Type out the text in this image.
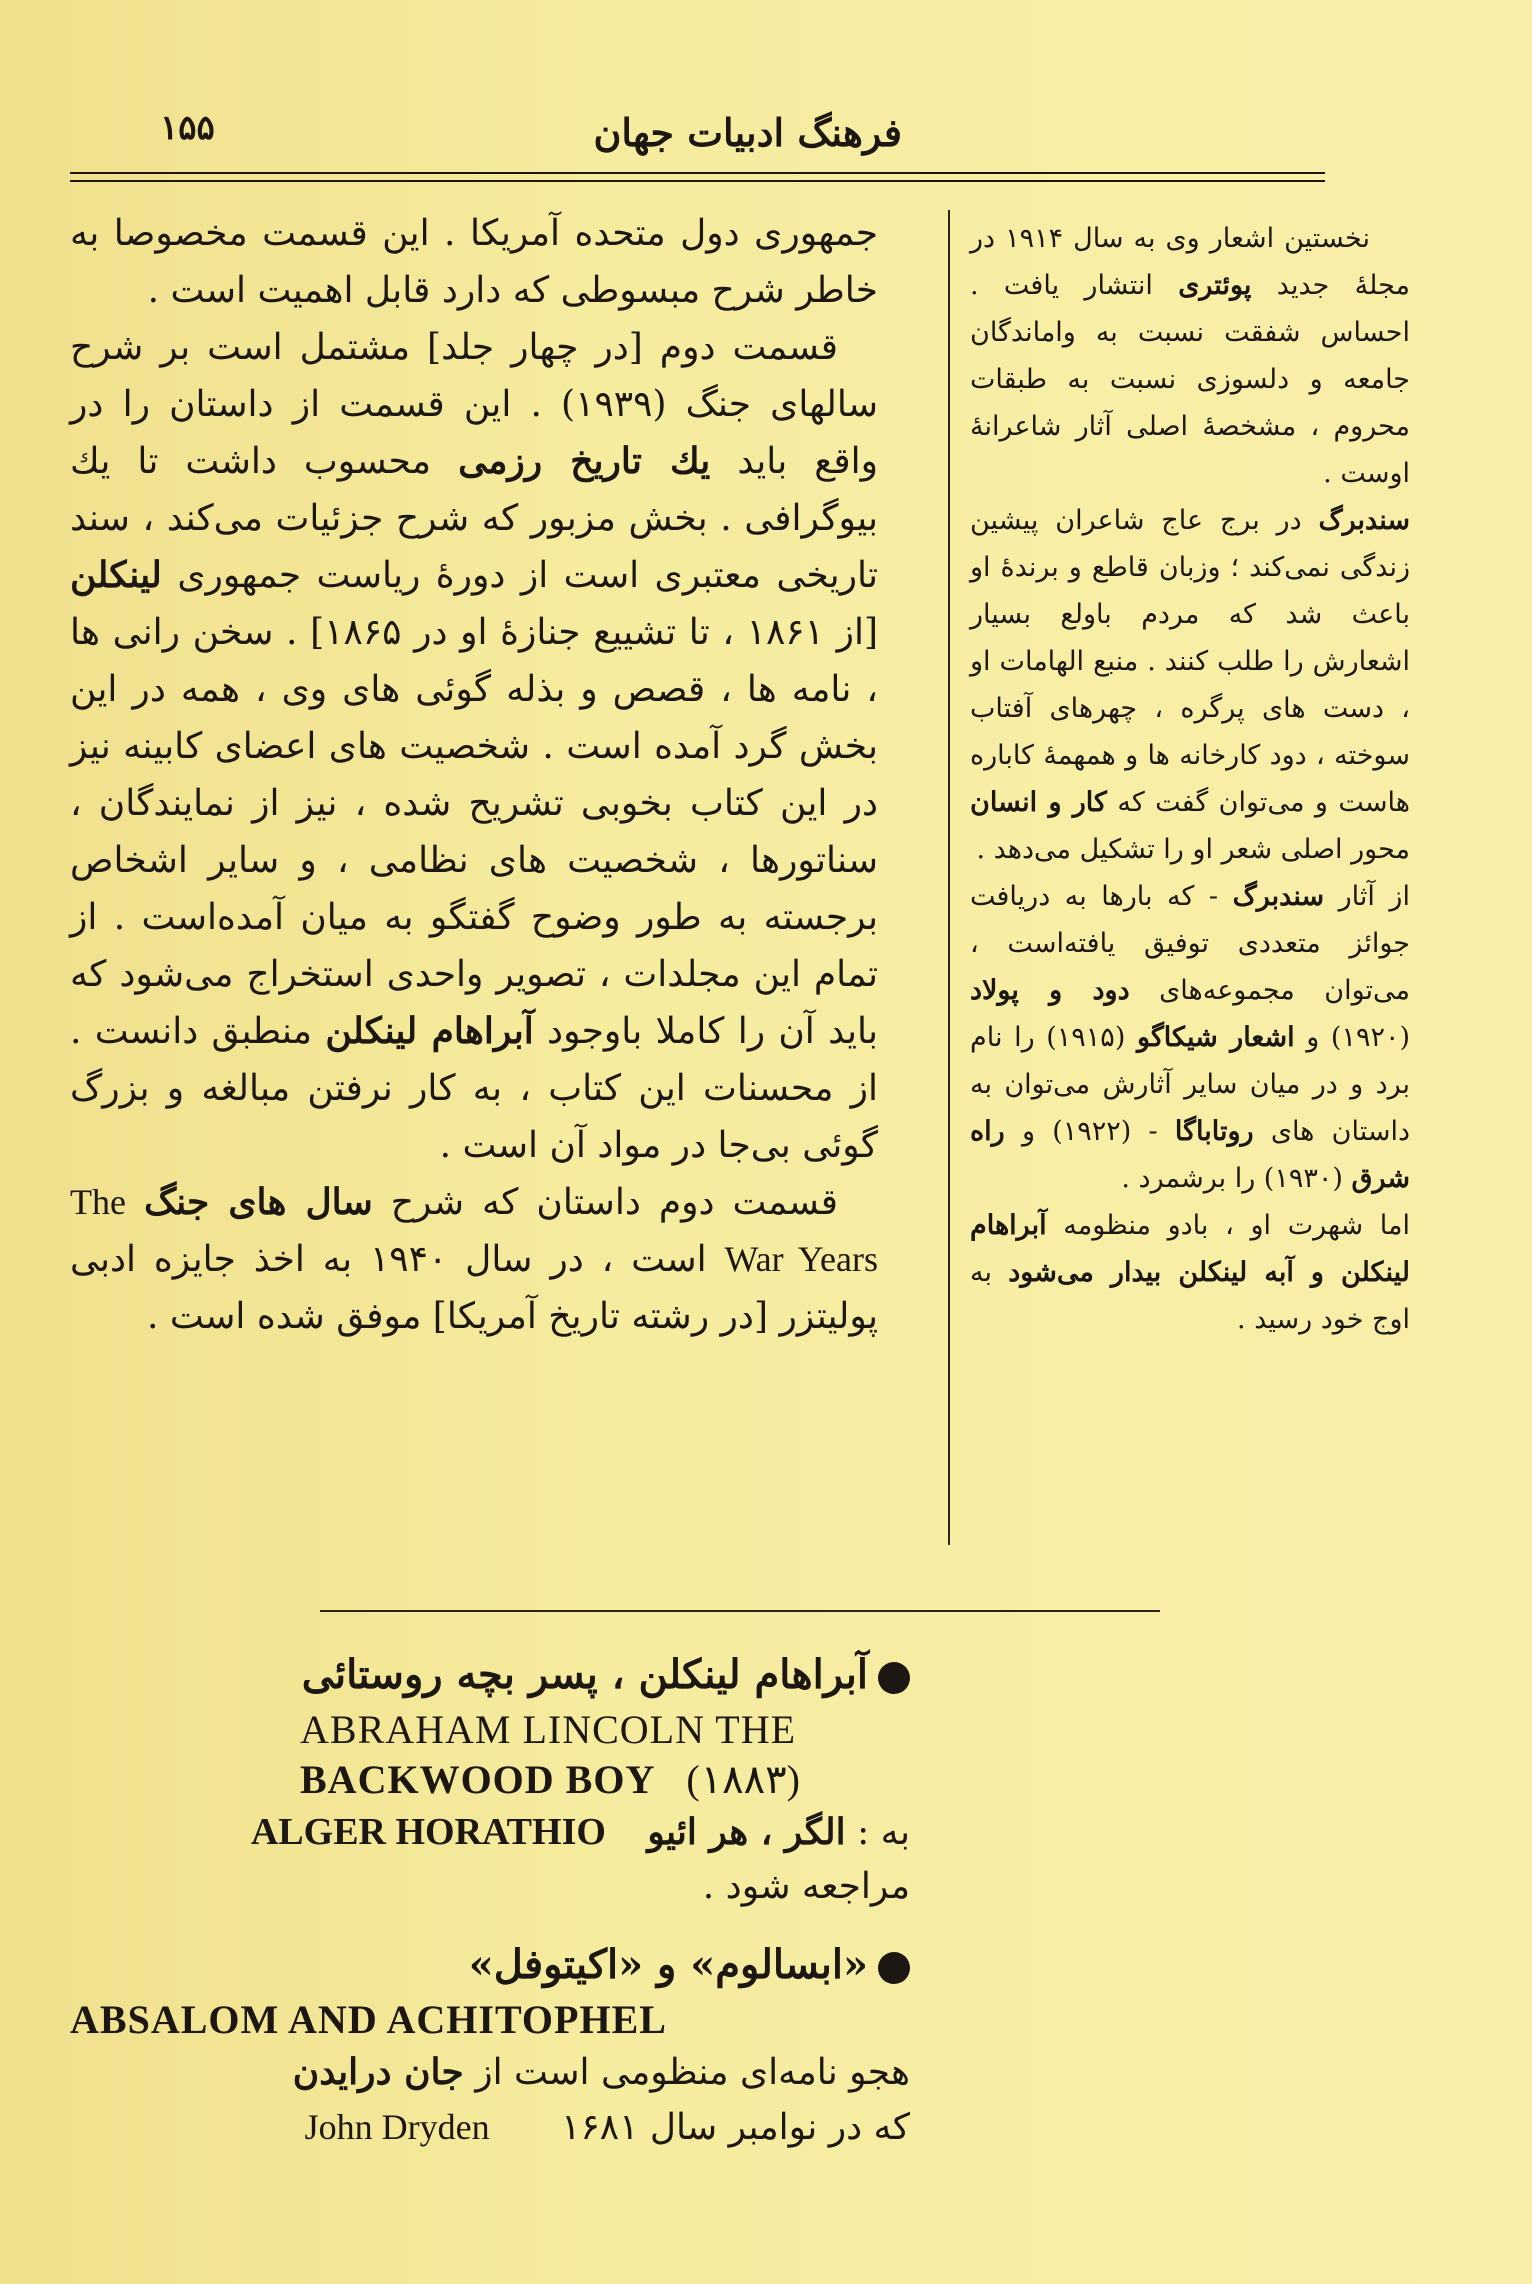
فرهنگ ادبیات جهان
۱۵۵

جمهوری دول متحده آمریکا . این قسمت مخصوصا به خاطر شرح مبسوطی که دارد قابل اهمیت است .

قسمت دوم [در چهار جلد] مشتمل است بر شرح سالهای جنگ (۱۹۳۹) . این قسمت از داستان را در واقع باید یك تاریخ رزمی محسوب داشت تا یك بیوگرافی . بخش مزبور که شرح جزئیات می‌کند ، سند تاریخی معتبری است از دورهٔ ریاست جمهوری لینکلن [از ۱۸۶۱ ، تا تشییع جنازهٔ او در ۱۸۶۵] . سخن رانی ها ، نامه ها ، قصص و بذله گوئی های وی ، همه در این بخش گرد آمده است . شخصیت های اعضای کابینه نیز در این کتاب بخوبی تشریح شده ، نیز از نمایندگان ، سناتورها ، شخصیت های نظامی ، و سایر اشخاص برجسته به طور وضوح گفتگو به میان آمده‌است . از تمام این مجلدات ، تصویر واحدی استخراج می‌شود که باید آن را کاملا باوجود آبراهام لینکلن منطبق دانست . از محسنات این کتاب ، به کار نرفتن مبالغه و بزرگ گوئی بی‌جا در مواد آن است .

قسمت دوم داستان که شرح سال های جنگ The War Years است ، در سال ۱۹۴۰ به اخذ جایزه ادبی پولیتزر [در رشته تاریخ آمریکا] موفق شده است .

نخستین اشعار وی به سال ۱۹۱۴ در مجلهٔ جدید پوئتری انتشار یافت . احساس شفقت نسبت به واماندگان جامعه و دلسوزی نسبت به طبقات محروم ، مشخصهٔ اصلی آثار شاعرانهٔ اوست .

سندبرگ در برج عاج شاعران پیشین زندگی نمی‌کند ؛ وزبان قاطع و برندهٔ او باعث شد که مردم باولع بسیار اشعارش را طلب کنند . منبع الهامات او ، دست های پرگره ، چهرهای آفتاب سوخته ، دود کارخانه ها و همهمهٔ کاباره هاست و می‌توان گفت که کار و انسان محور اصلی شعر او را تشکیل می‌دهد .

از آثار سندبرگ - که بارها به دریافت جوائز متعددی توفیق یافته‌است ، می‌توان مجموعه‌های دود و پولاد (۱۹۲۰) و اشعار شیکاگو (۱۹۱۵) را نام برد و در میان سایر آثارش می‌توان به داستان های روتاباگا - (۱۹۲۲) و راه شرق (۱۹۳۰) را برشمرد .

اما شهرت او ، بادو منظومه آبراهام لینکلن و آبه لینکلن بیدار می‌شود به اوج خود رسید .

آبراهام لینکلن ، پسر بچه روستائی
ABRAHAM LINCOLN THE
BACKWOOD BOY (۱۸۸۳)
به : الگر ، هر ائیو ALGER HORATHIO
مراجعه شود .
«ابسالوم» و «اکیتوفل»
ABSALOM AND ACHITOPHEL
هجو نامه‌ای منظومی است از جان درایدن
که در نوامبر سال ۱۶۸۱ John Dryden
